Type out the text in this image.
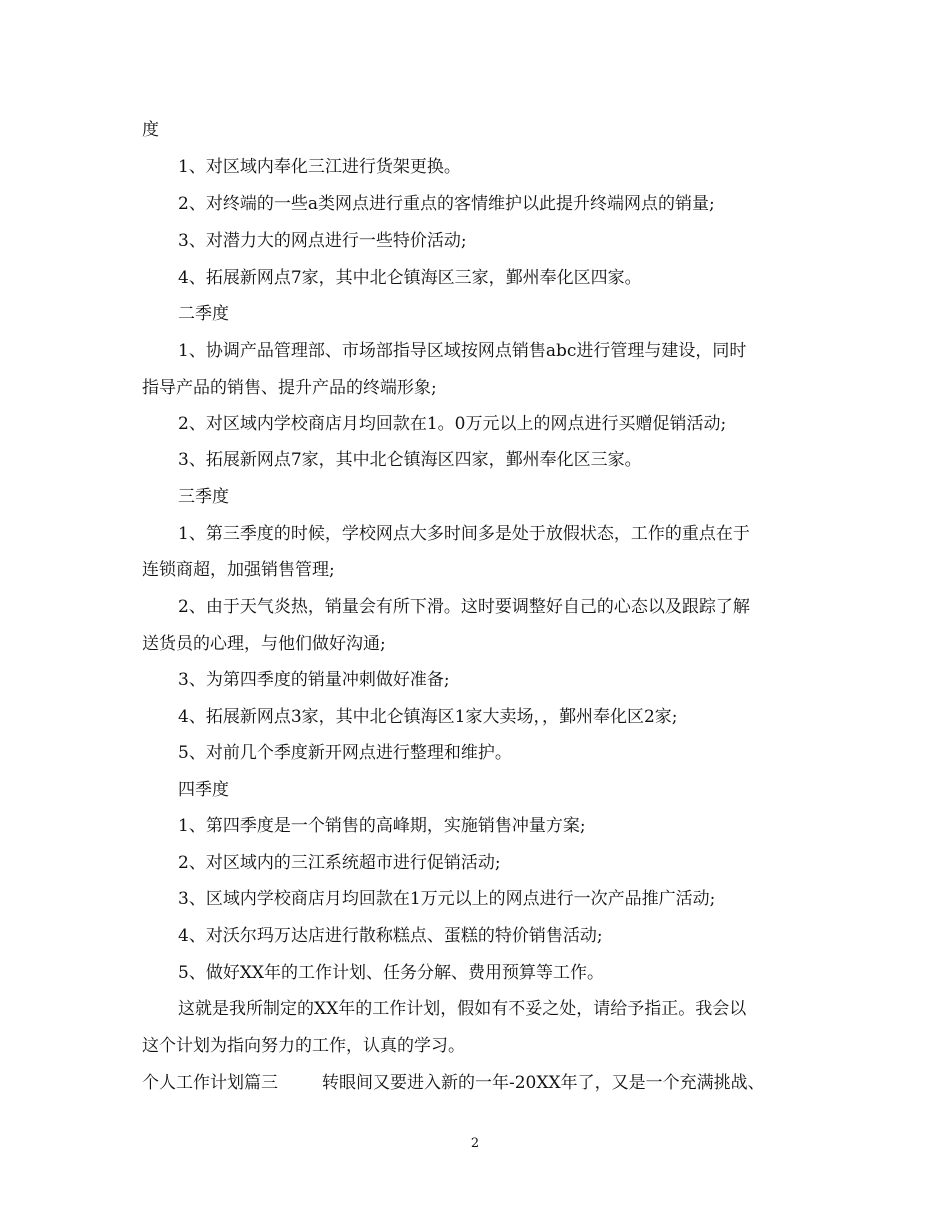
度
1、对区域内奉化三江进行货架更换。
2、对终端的一些a类网点进行重点的客情维护以此提升终端网点的销量;
3、对潜力大的网点进行一些特价活动;
4、拓展新网点7家，其中北仑镇海区三家，鄞州奉化区四家。
二季度
1、协调产品管理部、市场部指导区域按网点销售abc进行管理与建设，同时
指导产品的销售、提升产品的终端形象;
2、对区域内学校商店月均回款在1。0万元以上的网点进行买赠促销活动;
3、拓展新网点7家，其中北仑镇海区四家，鄞州奉化区三家。
三季度
1、第三季度的时候，学校网点大多时间多是处于放假状态，工作的重点在于
连锁商超，加强销售管理;
2、由于天气炎热，销量会有所下滑。这时要调整好自己的心态以及跟踪了解
送货员的心理，与他们做好沟通;
3、为第四季度的销量冲刺做好准备;
4、拓展新网点3家，其中北仑镇海区1家大卖场，，鄞州奉化区2家;
5、对前几个季度新开网点进行整理和维护。
四季度
1、第四季度是一个销售的高峰期，实施销售冲量方案;
2、对区域内的三江系统超市进行促销活动;
3、区域内学校商店月均回款在1万元以上的网点进行一次产品推广活动;
4、对沃尔玛万达店进行散称糕点、蛋糕的特价销售活动;
5、做好XX年的工作计划、任务分解、费用预算等工作。
这就是我所制定的XX年的工作计划，假如有不妥之处，请给予指正。我会以
这个计划为指向努力的工作，认真的学习。
个人工作计划篇三	转眼间又要进入新的一年-20XX年了，又是一个充满挑战、
2
